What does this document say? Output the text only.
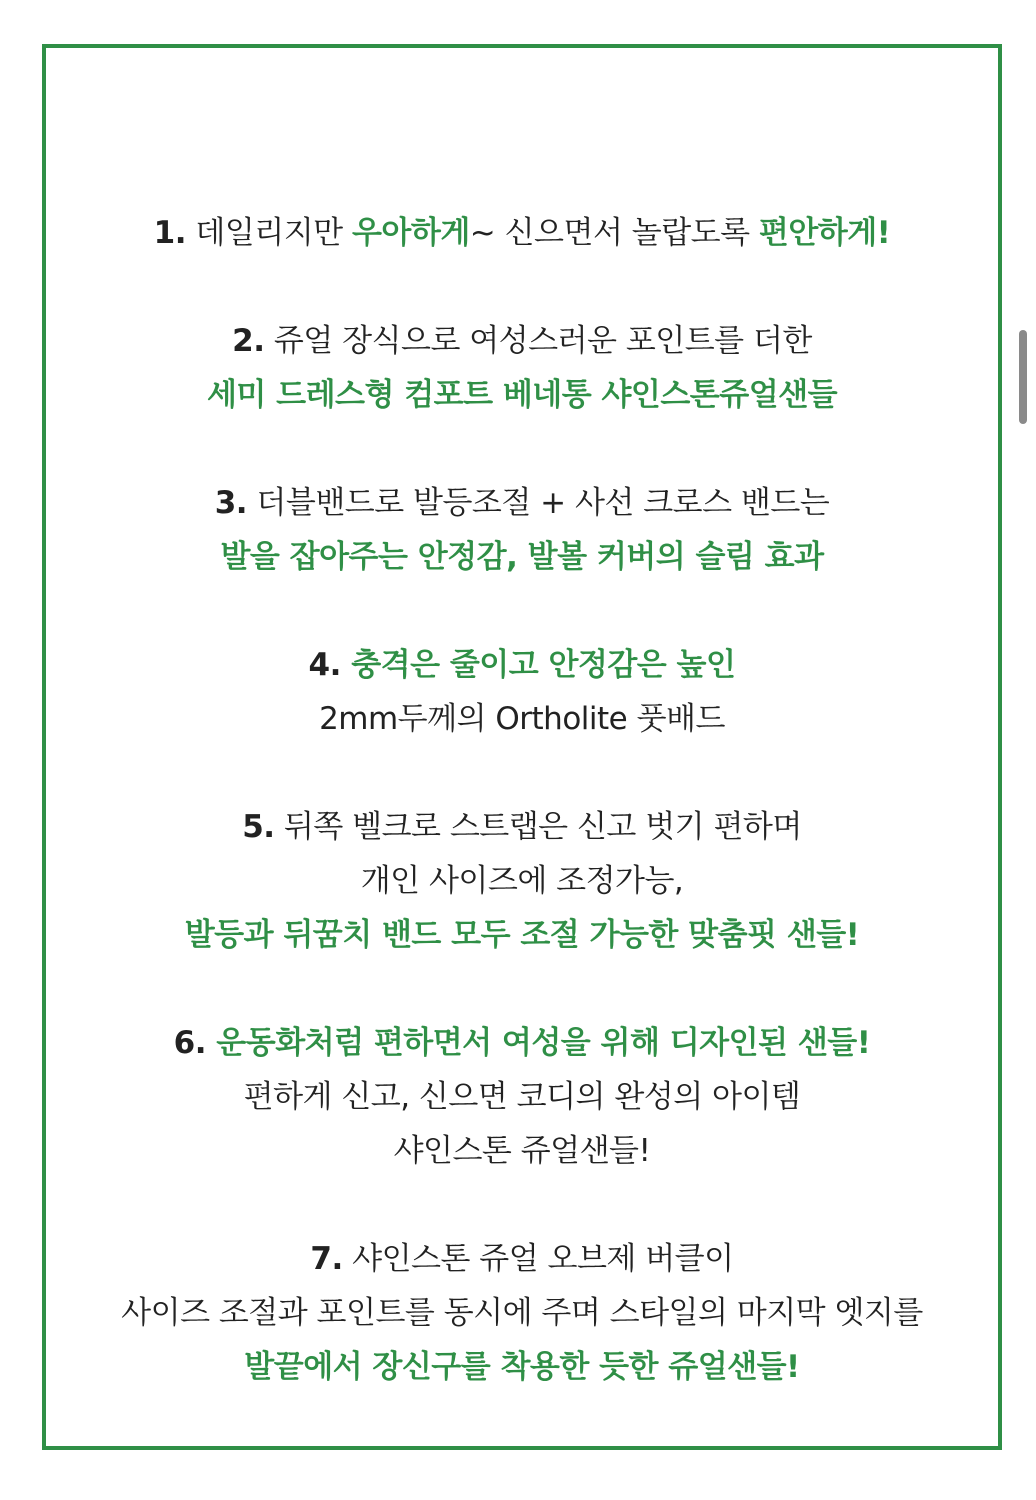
1. 데일리지만 우아하게~ 신으면서 놀랍도록 편안하게!
2. 쥬얼 장식으로 여성스러운 포인트를 더한
세미 드레스형 컴포트 베네통 샤인스톤쥬얼샌들
3. 더블밴드로 발등조절 + 사선 크로스 밴드는
발을 잡아주는 안정감, 발볼 커버의 슬림 효과
4. 충격은 줄이고 안정감은 높인
2mm두께의 Ortholite 풋배드
5. 뒤쪽 벨크로 스트랩은 신고 벗기 편하며
개인 사이즈에 조정가능,
발등과 뒤꿈치 밴드 모두 조절 가능한 맞춤핏 샌들!
6. 운동화처럼 편하면서 여성을 위해 디자인된 샌들!
편하게 신고, 신으면 코디의 완성의 아이템
샤인스톤 쥬얼샌들!
7. 샤인스톤 쥬얼 오브제 버클이
사이즈 조절과 포인트를 동시에 주며 스타일의 마지막 엣지를
발끝에서 장신구를 착용한 듯한 쥬얼샌들!
